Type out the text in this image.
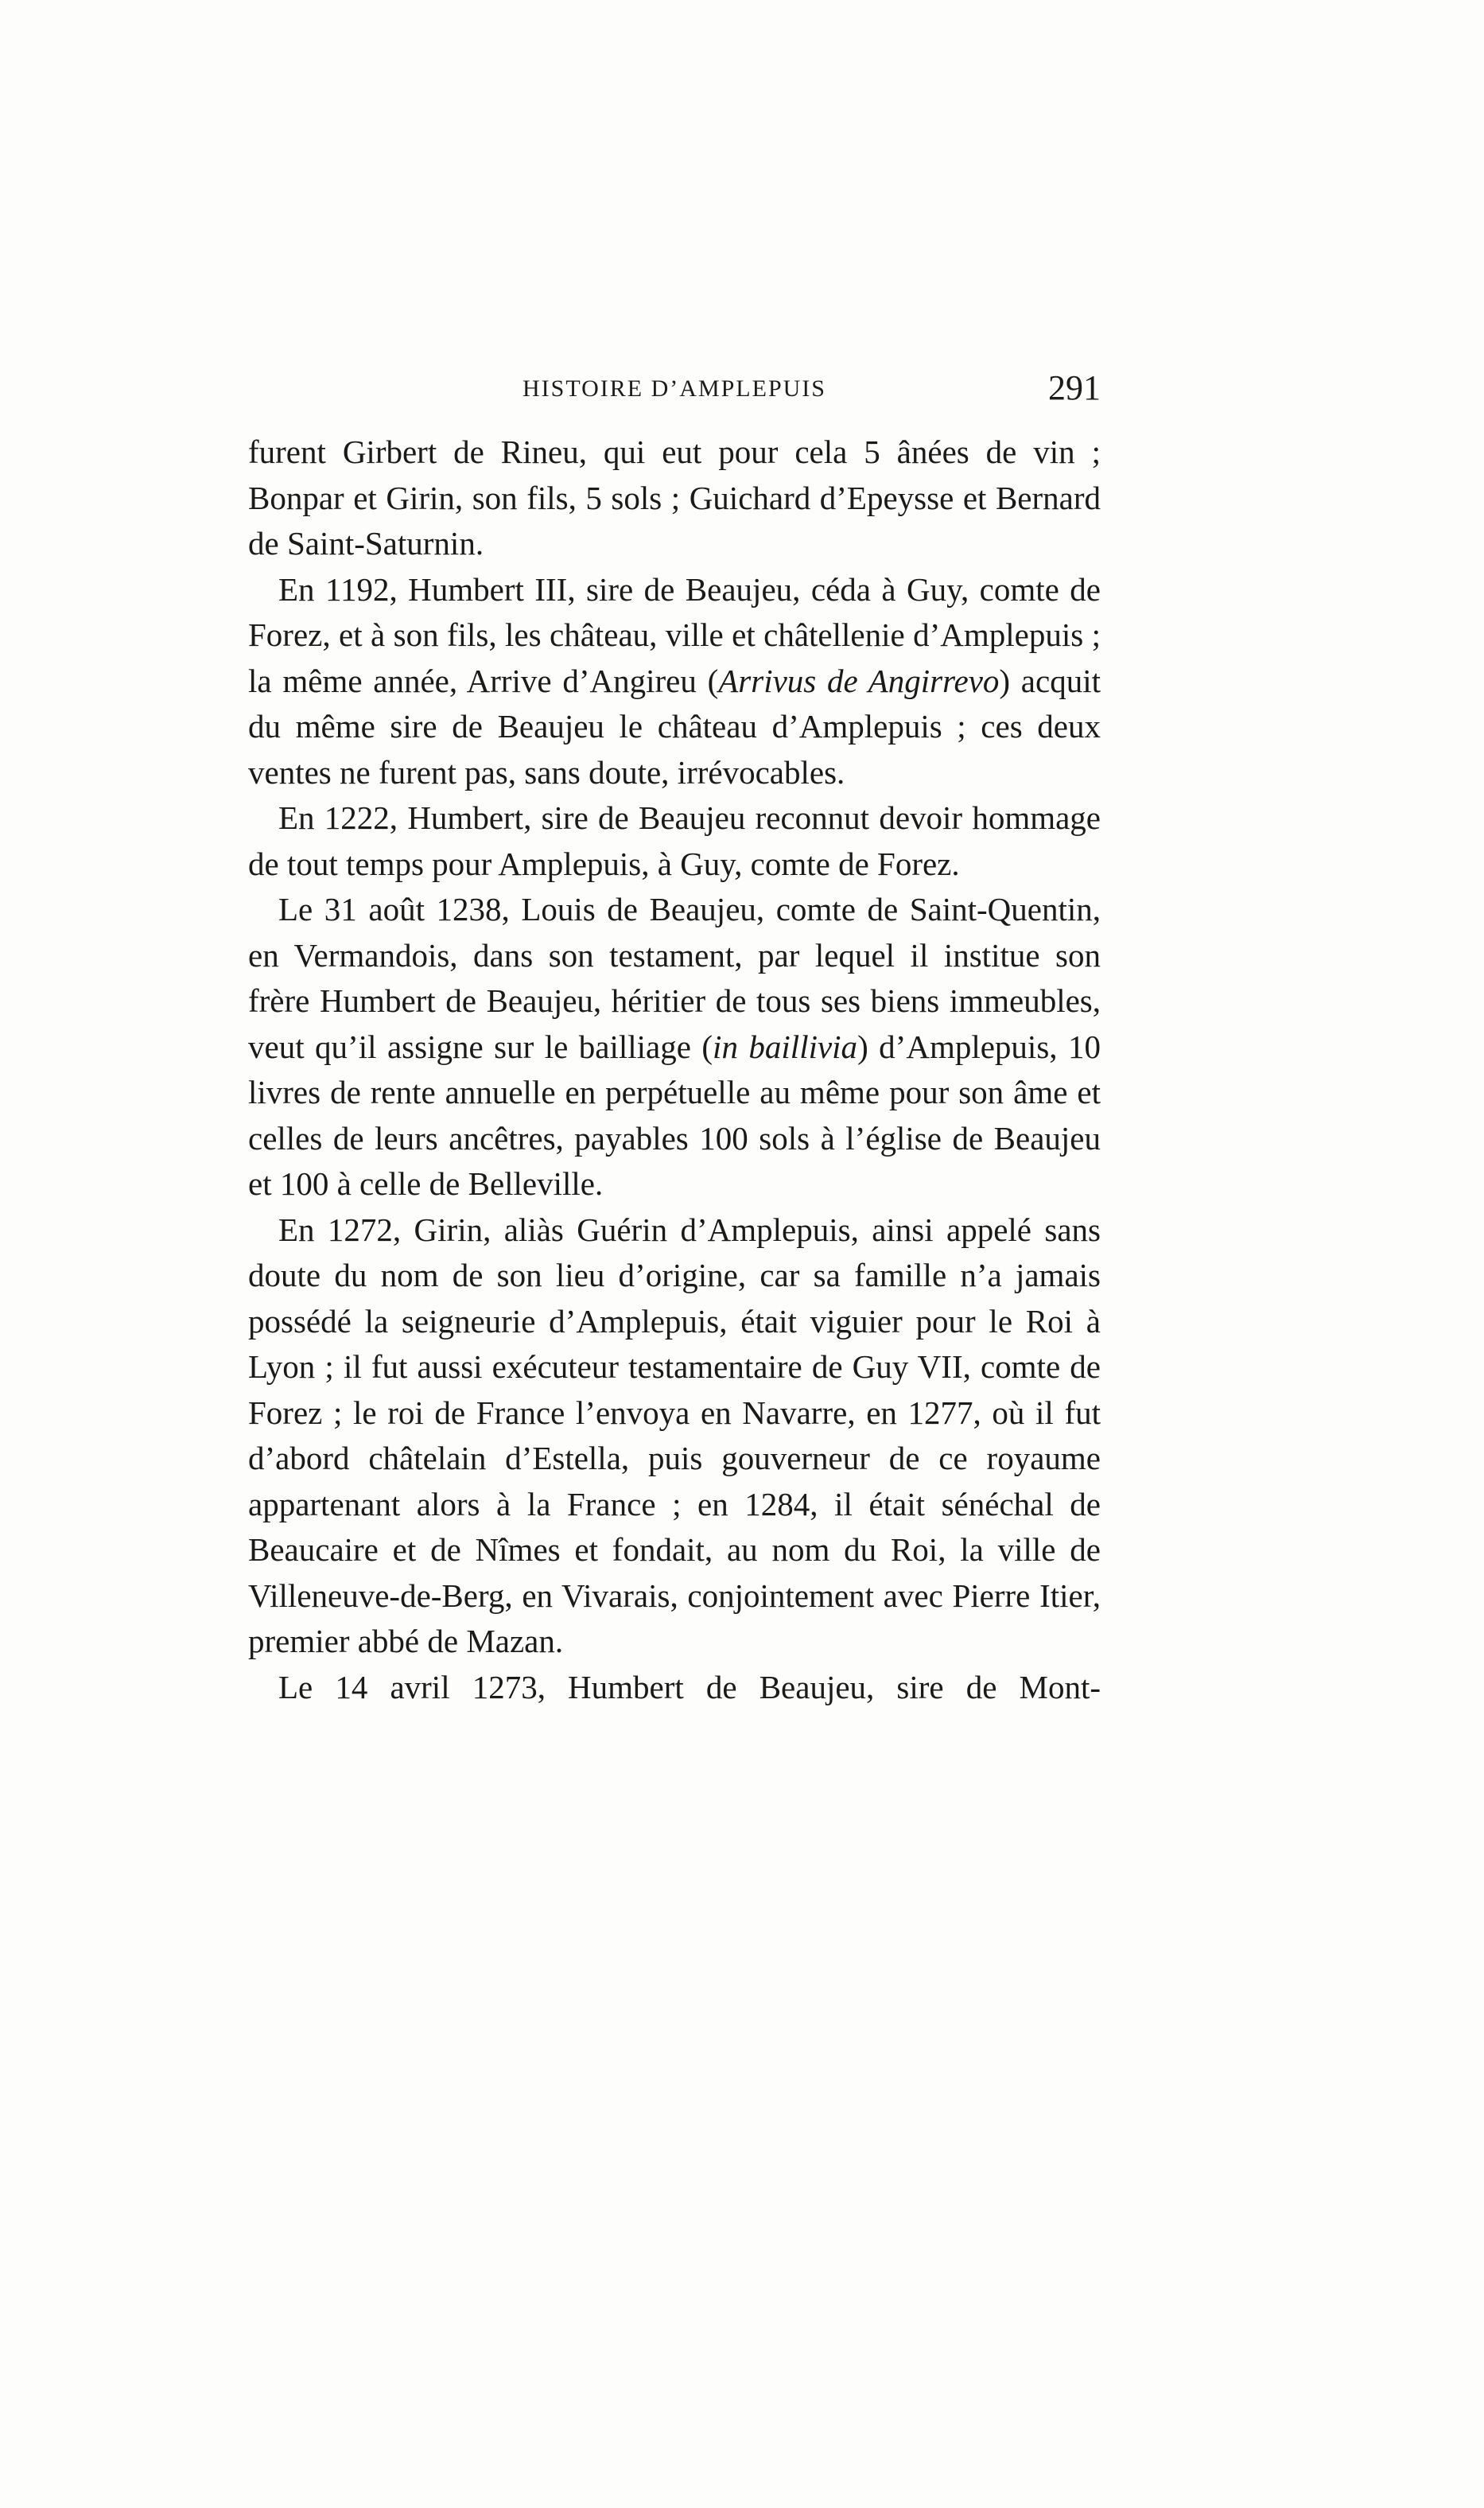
HISTOIRE D’AMPLEPUIS	291

furent Girbert de Rineu, qui eut pour cela 5 ânées de vin ; Bonpar et Girin, son fils, 5 sols ; Guichard d’Epeysse et Bernard de Saint-Saturnin.

En 1192, Humbert III, sire de Beaujeu, céda à Guy, comte de Forez, et à son fils, les château, ville et châtellenie d’Amplepuis ; la même année, Arrive d’Angireu (Arrivus de Angirrevo) acquit du même sire de Beaujeu le château d’Amplepuis ; ces deux ventes ne furent pas, sans doute, irrévocables.

En 1222, Humbert, sire de Beaujeu reconnut devoir hommage de tout temps pour Amplepuis, à Guy, comte de Forez.

Le 31 août 1238, Louis de Beaujeu, comte de Saint-Quentin, en Vermandois, dans son testament, par lequel il institue son frère Humbert de Beaujeu, héritier de tous ses biens immeubles, veut qu’il assigne sur le bailliage (in baillivia) d’Amplepuis, 10 livres de rente annuelle en perpétuelle au même pour son âme et celles de leurs ancêtres, payables 100 sols à l’église de Beaujeu et 100 à celle de Belleville.

En 1272, Girin, aliàs Guérin d’Amplepuis, ainsi appelé sans doute du nom de son lieu d’origine, car sa famille n’a jamais possédé la seigneurie d’Amplepuis, était viguier pour le Roi à Lyon ; il fut aussi exécuteur testamentaire de Guy VII, comte de Forez ; le roi de France l’envoya en Navarre, en 1277, où il fut d’abord châtelain d’Estella, puis gouverneur de ce royaume appartenant alors à la France ; en 1284, il était sénéchal de Beaucaire et de Nîmes et fondait, au nom du Roi, la ville de Villeneuve-de-Berg, en Vivarais, conjointement avec Pierre Itier, premier abbé de Mazan.

Le 14 avril 1273, Humbert de Beaujeu, sire de Mont-
